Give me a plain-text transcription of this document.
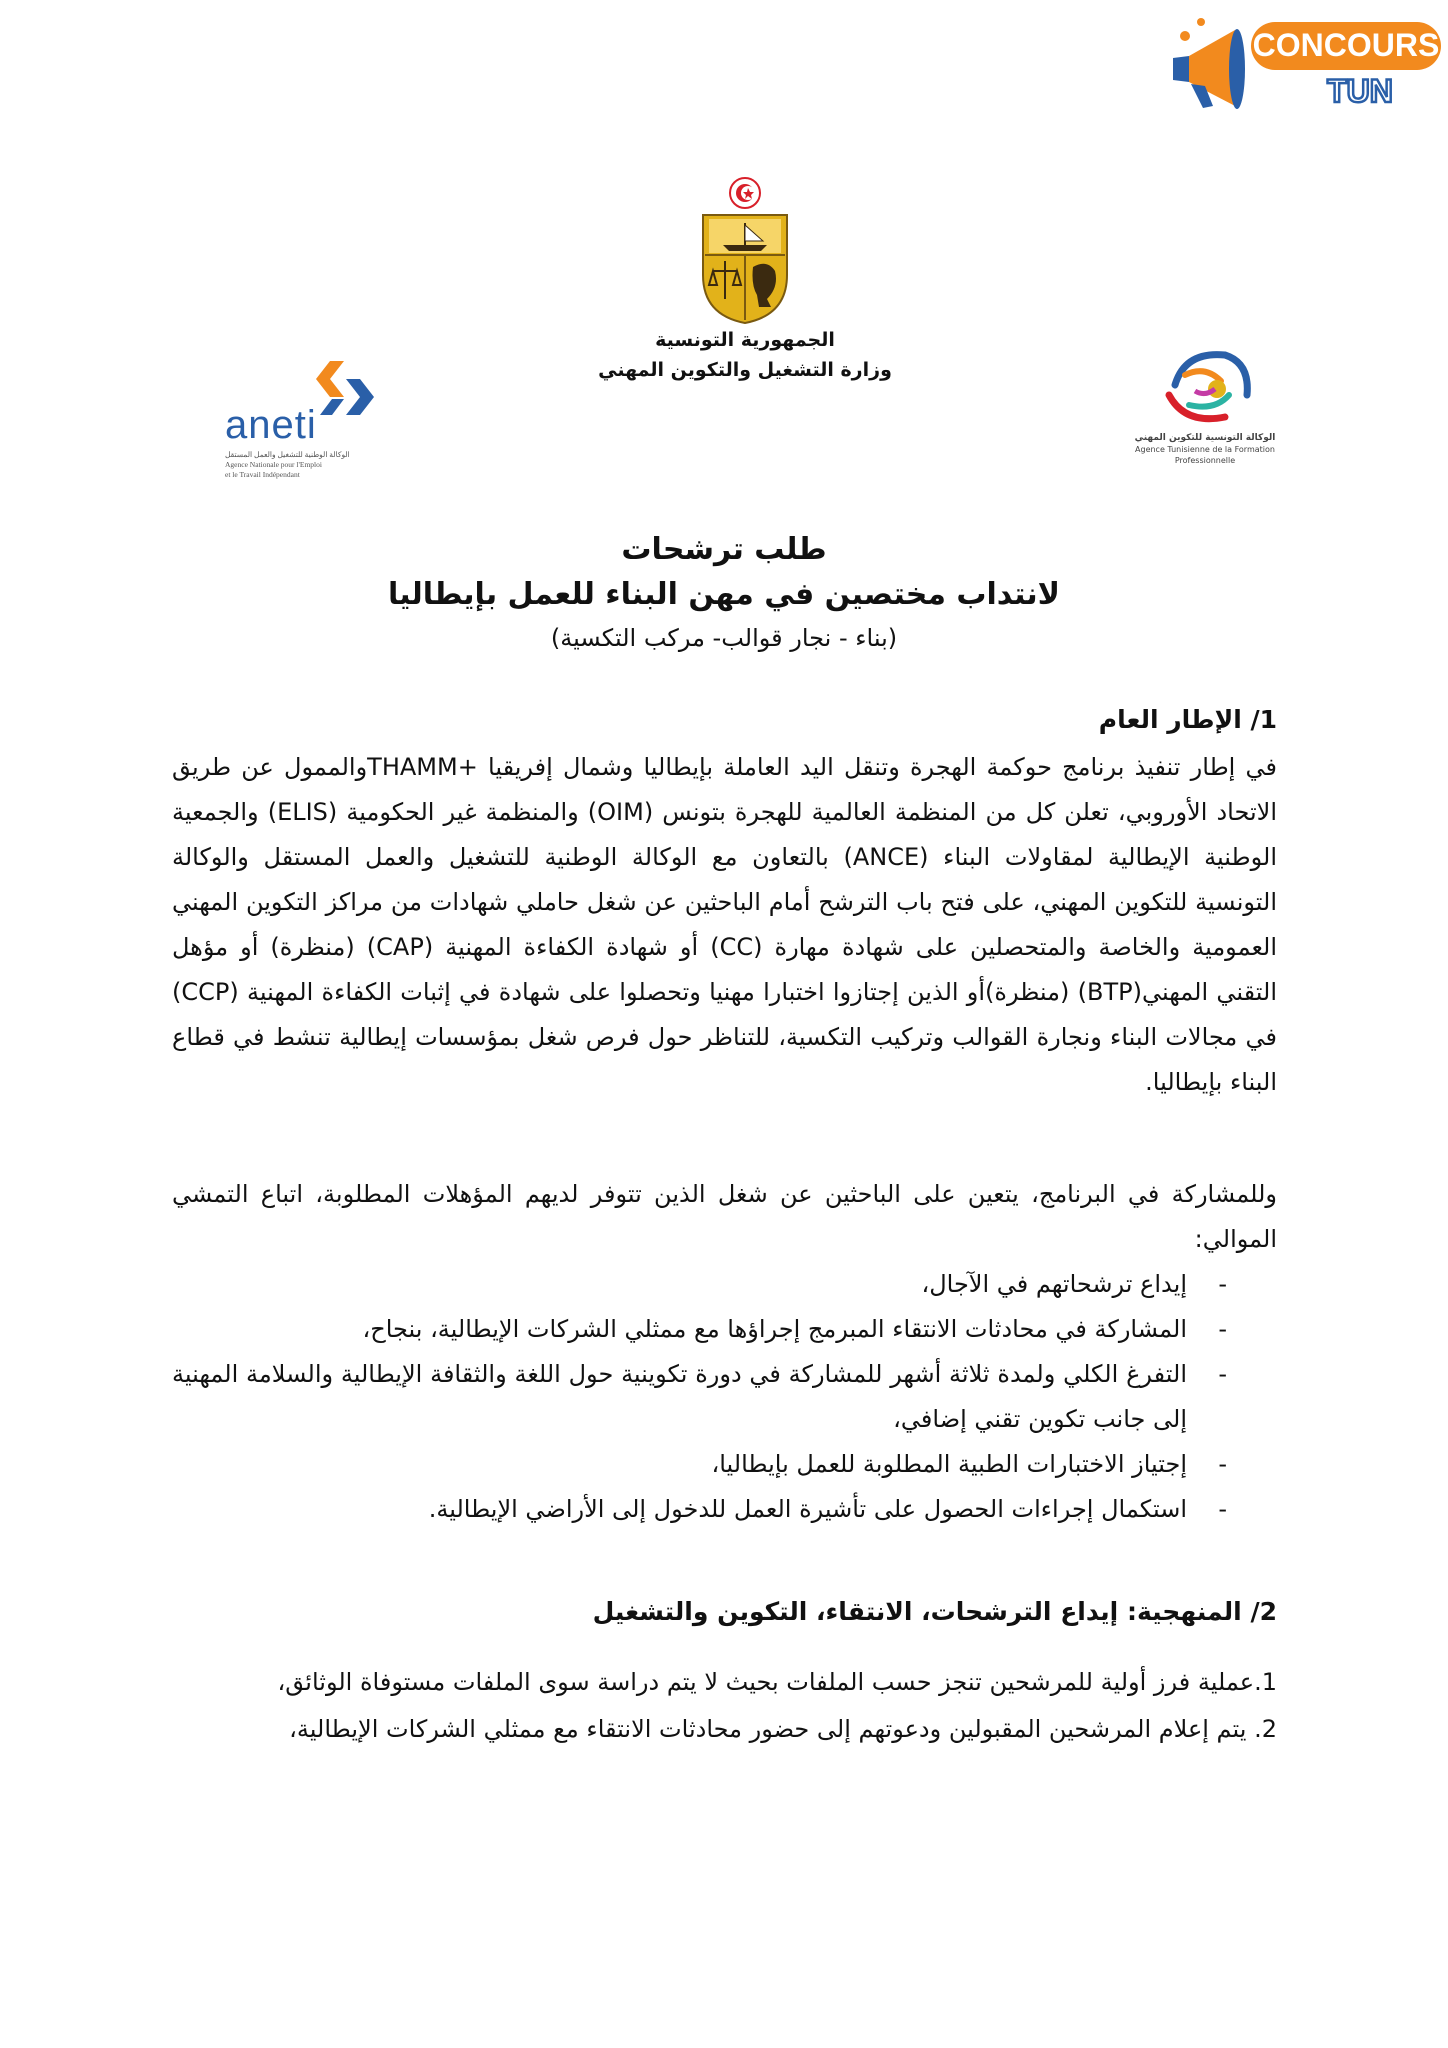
CONCOURS
TUN
الجمهورية التونسية
وزارة التشغيل والتكوين المهني
aneti
الوكالة الوطنية للتشغيل والعمل المستقل
Agence Nationale pour l'Emploi
et le Travail Indépendant
الوكالة التونسية للتكوين المهني
Agence Tunisienne de la Formation
Professionnelle
طلب ترشحات
لانتداب مختصين في مهن البناء للعمل بإيطاليا
(بناء - نجار قوالب- مركب التكسية)
1/ الإطار العام
في إطار تنفيذ برنامج حوكمة الهجرة وتنقل اليد العاملة بإيطاليا وشمال إفريقيا +THAMMوالممول عن طريق الاتحاد الأوروبي، تعلن كل من المنظمة العالمية للهجرة بتونس (OIM) والمنظمة غير الحكومية (ELIS) والجمعية الوطنية الإيطالية لمقاولات البناء (ANCE) بالتعاون مع الوكالة الوطنية للتشغيل والعمل المستقل والوكالة التونسية للتكوين المهني، على فتح باب الترشح أمام الباحثين عن شغل حاملي شهادات من مراكز التكوين المهني العمومية والخاصة والمتحصلين على شهادة مهارة (CC) أو شهادة الكفاءة المهنية (CAP) (منظرة) أو مؤهل التقني المهني(BTP) (منظرة)أو الذين إجتازوا اختبارا مهنيا وتحصلوا على شهادة في إثبات الكفاءة المهنية (CCP) في مجالات البناء ونجارة القوالب وتركيب التكسية، للتناظر حول فرص شغل بمؤسسات إيطالية تنشط في قطاع البناء بإيطاليا.
وللمشاركة في البرنامج، يتعين على الباحثين عن شغل الذين تتوفر لديهم المؤهلات المطلوبة، اتباع التمشي الموالي:
-
إيداع ترشحاتهم في الآجال،
-
المشاركة في محادثات الانتقاء المبرمج إجراؤها مع ممثلي الشركات الإيطالية، بنجاح،
-
التفرغ الكلي ولمدة ثلاثة أشهر للمشاركة في دورة تكوينية حول اللغة والثقافة الإيطالية والسلامة المهنية إلى جانب تكوين تقني إضافي،
-
إجتياز الاختبارات الطبية المطلوبة للعمل بإيطاليا،
-
استكمال إجراءات الحصول على تأشيرة العمل للدخول إلى الأراضي الإيطالية.
2/ المنهجية: إيداع الترشحات، الانتقاء، التكوين والتشغيل
1.عملية فرز أولية للمرشحين تنجز حسب الملفات بحيث لا يتم دراسة سوى الملفات مستوفاة الوثائق،
2. يتم إعلام المرشحين المقبولين ودعوتهم إلى حضور محادثات الانتقاء مع ممثلي الشركات الإيطالية،
